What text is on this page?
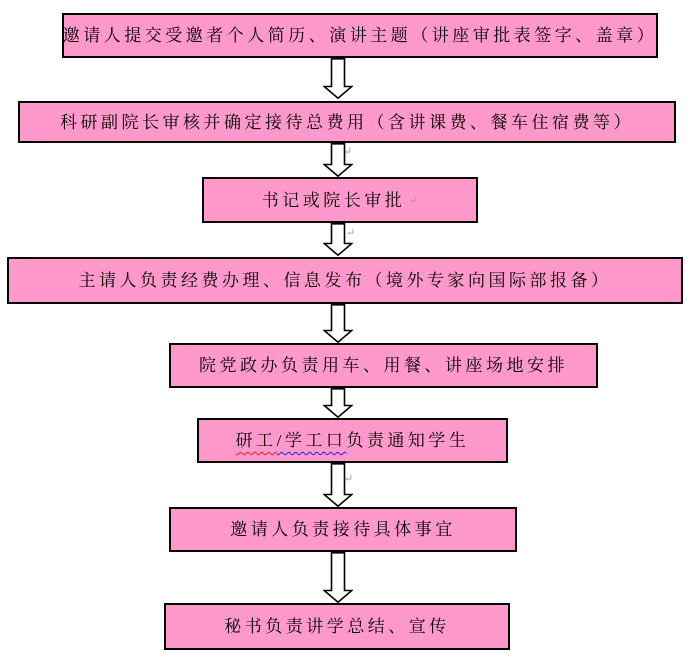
邀请人提交受邀者个人简历、演讲主题（讲座审批表签字、盖章）
科研副院长审核并确定接待总费用（含讲课费、餐车住宿费等）
书记或院长审批 ↵
主请人负责经费办理、信息发布（境外专家向国际部报备）
院党政办负责用车、用餐、讲座场地安排
研工/学工口负责通知学生
邀请人负责接待具体事宜
秘书负责讲学总结、宣传
↵
↵
↵
